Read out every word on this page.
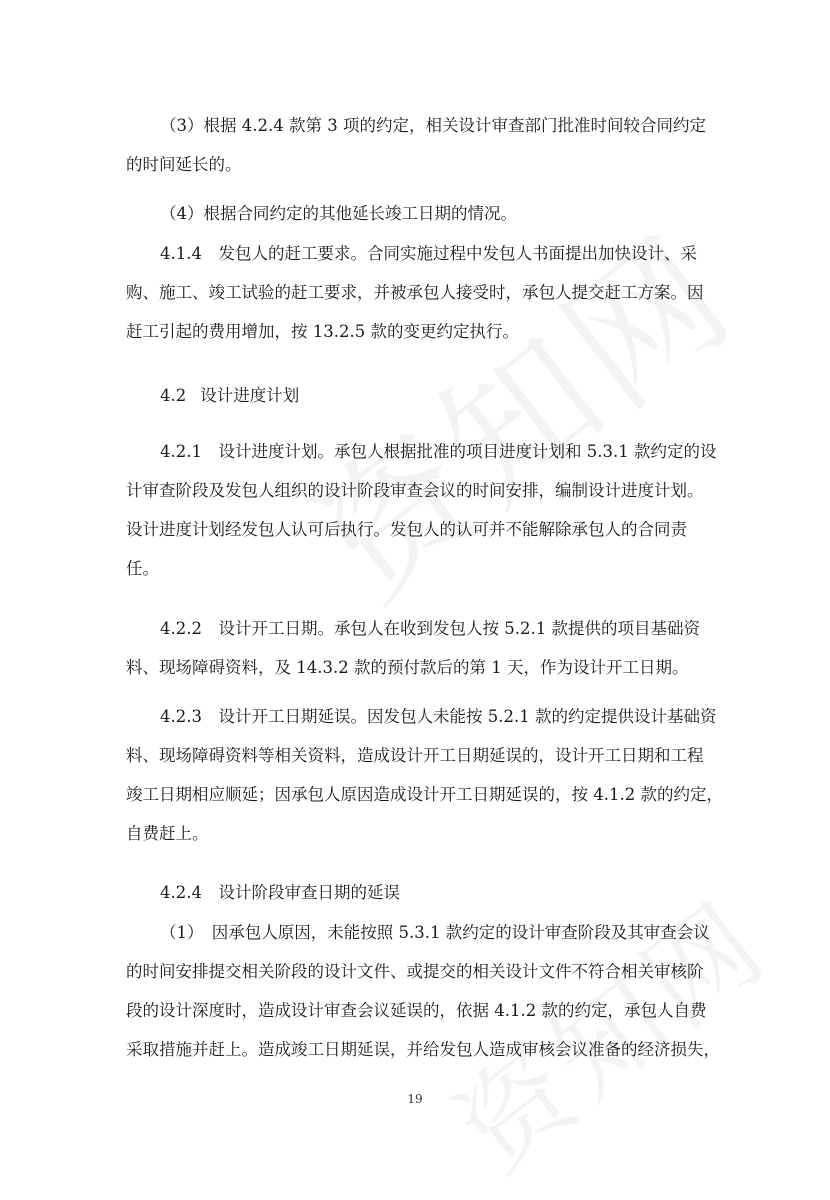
（3）根据 4.2.4 款第 3 项的约定，相关设计审查部门批准时间较合同约定
的时间延长的。
（4）根据合同约定的其他延长竣工日期的情况。
4.1.4　发包人的赶工要求。合同实施过程中发包人书面提出加快设计、采
购、施工、竣工试验的赶工要求，并被承包人接受时，承包人提交赶工方案。因
赶工引起的费用增加，按 13.2.5 款的变更约定执行。
4.2 设计进度计划
4.2.1　设计进度计划。承包人根据批准的项目进度计划和 5.3.1 款约定的设
计审查阶段及发包人组织的设计阶段审查会议的时间安排，编制设计进度计划。
设计进度计划经发包人认可后执行。发包人的认可并不能解除承包人的合同责
任。
4.2.2　设计开工日期。承包人在收到发包人按 5.2.1 款提供的项目基础资
料、现场障碍资料，及 14.3.2 款的预付款后的第 1 天，作为设计开工日期。
4.2.3　设计开工日期延误。因发包人未能按 5.2.1 款的约定提供设计基础资
料、现场障碍资料等相关资料，造成设计开工日期延误的，设计开工日期和工程
竣工日期相应顺延；因承包人原因造成设计开工日期延误的，按 4.1.2 款的约定，
自费赶上。
4.2.4　设计阶段审查日期的延误
（1）　因承包人原因，未能按照 5.3.1 款约定的设计审查阶段及其审查会议
的时间安排提交相关阶段的设计文件、或提交的相关设计文件不符合相关审核阶
段的设计深度时，造成设计审查会议延误的，依据 4.1.2 款的约定，承包人自费
采取措施并赶上。造成竣工日期延误，并给发包人造成审核会议准备的经济损失，
19
